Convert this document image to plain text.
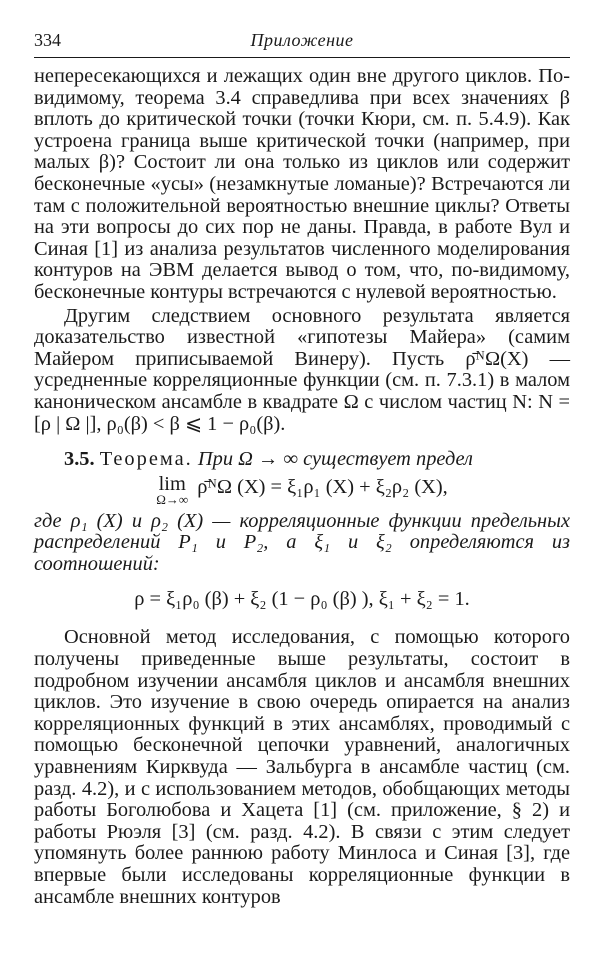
334	Приложение

непересекающихся и лежащих один вне другого циклов. По-видимому, теорема 3.4 справедлива при всех значениях β вплоть до критической точки (точки Кюри, см. п. 5.4.9). Как устроена граница выше критической точки (например, при малых β)? Состоит ли она только из циклов или содержит бесконечные «усы» (незамкнутые ломаные)? Встречаются ли там с положительной вероятностью внешние циклы? Ответы на эти вопросы до сих пор не даны. Правда, в работе Вул и Синая [1] из анализа результатов численного моделирования контуров на ЭВМ делается вывод о том, что, по-видимому, бесконечные контуры встречаются с нулевой вероятностью.

Другим следствием основного результата является доказательство известной «гипотезы Майера» (самим Майером приписываемой Винеру). Пусть ρ̄ᴺΩ(X) — усредненные корреляционные функции (см. п. 7.3.1) в малом каноническом ансамбле в квадрате Ω с числом частиц N: N = [ρ | Ω |], ρ₀(β) < β ⩽ 1 − ρ₀(β).

3.5. Теорема. При Ω → ∞ существует предел

lim
Ω→∞
ρ̄ᴺΩ (X) = ξ₁ρ₁ (X) + ξ₂ρ₂ (X),

где ρ₁ (X) и ρ₂ (X) — корреляционные функции предельных распределений P₁ и P₂, а ξ₁ и ξ₂ определяются из соотношений:

ρ = ξ₁ρ₀ (β) + ξ₂ (1 − ρ₀ (β) ), ξ₁ + ξ₂ = 1.

Основной метод исследования, с помощью которого получены приведенные выше результаты, состоит в подробном изучении ансамбля циклов и ансамбля внешних циклов. Это изучение в свою очередь опирается на анализ корреляционных функций в этих ансамблях, проводимый с помощью бесконечной цепочки уравнений, аналогичных уравнениям Кирквуда — Зальбурга в ансамбле частиц (см. разд. 4.2), и с использованием методов, обобщающих методы работы Боголюбова и Хацета [1] (см. приложение, § 2) и работы Рюэля [3] (см. разд. 4.2). В связи с этим следует упомянуть более раннюю работу Минлоса и Синая [3], где впервые были исследованы корреляционные функции в ансамбле внешних контуров
